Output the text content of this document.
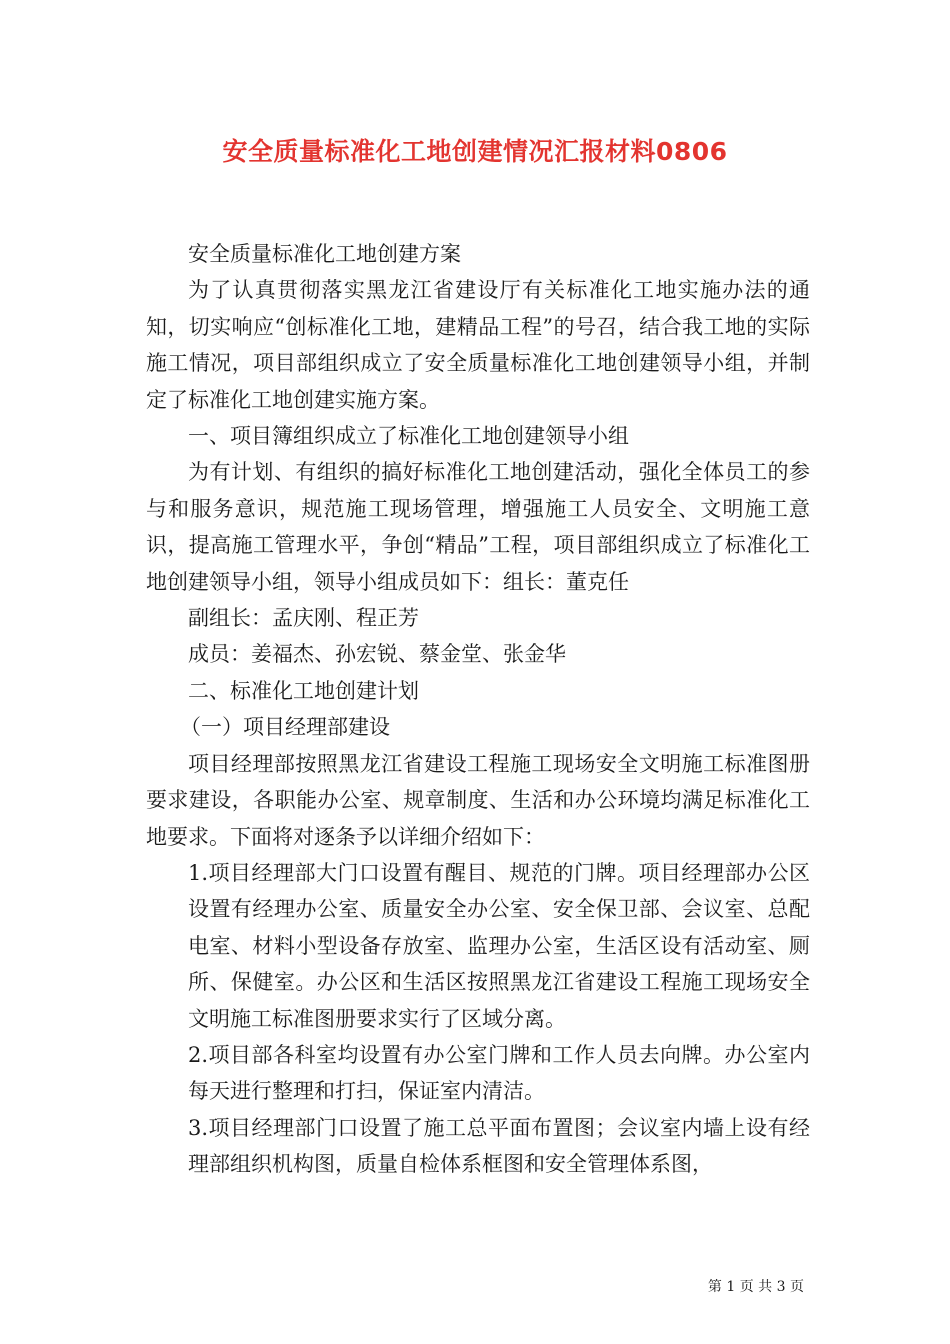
安全质量标准化工地创建情况汇报材料0806

安全质量标准化工地创建方案

为了认真贯彻落实黑龙江省建设厅有关标准化工地实施办法的通知，切实响应“创标准化工地，建精品工程”的号召，结合我工地的实际施工情况，项目部组织成立了安全质量标准化工地创建领导小组，并制定了标准化工地创建实施方案。

一、项目簿组织成立了标准化工地创建领导小组

为有计划、有组织的搞好标准化工地创建活动，强化全体员工的参与和服务意识，规范施工现场管理，增强施工人员安全、文明施工意识，提高施工管理水平，争创“精品”工程，项目部组织成立了标准化工地创建领导小组，领导小组成员如下：组长：董克任

副组长：孟庆刚、程正芳

成员：姜福杰、孙宏锐、蔡金堂、张金华

二、标准化工地创建计划

（一）项目经理部建设

项目经理部按照黑龙江省建设工程施工现场安全文明施工标准图册要求建设，各职能办公室、规章制度、生活和办公环境均满足标准化工地要求。下面将对逐条予以详细介绍如下：

1.项目经理部大门口设置有醒目、规范的门牌。项目经理部办公区设置有经理办公室、质量安全办公室、安全保卫部、会议室、总配电室、材料小型设备存放室、监理办公室，生活区设有活动室、厕所、保健室。办公区和生活区按照黑龙江省建设工程施工现场安全文明施工标准图册要求实行了区域分离。

2.项目部各科室均设置有办公室门牌和工作人员去向牌。办公室内每天进行整理和打扫，保证室内清洁。

3.项目经理部门口设置了施工总平面布置图；会议室内墙上设有经理部组织机构图，质量自检体系框图和安全管理体系图，

第 1 页 共 3 页
